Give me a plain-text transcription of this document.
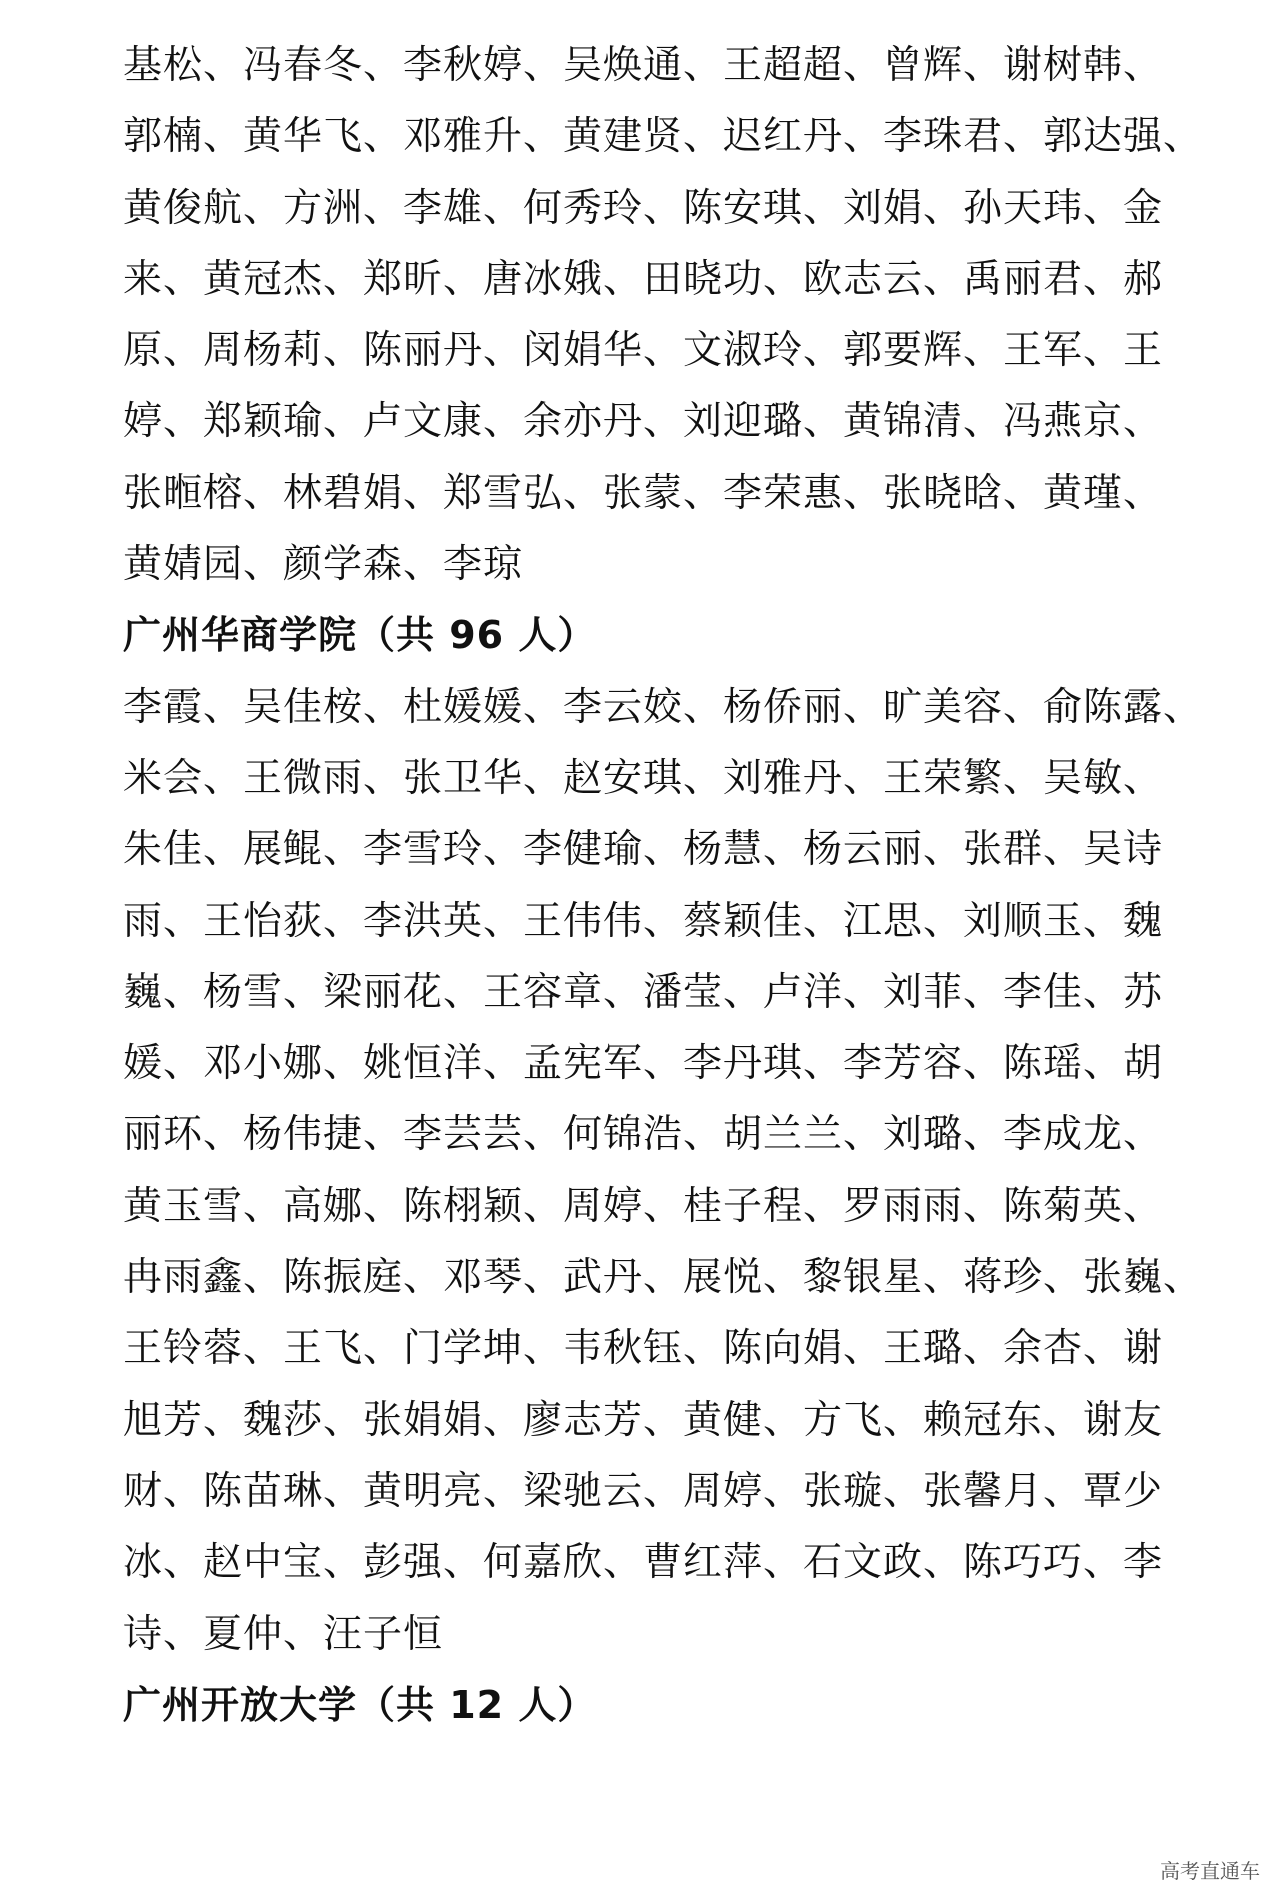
基松、冯春冬、李秋婷、吴焕通、王超超、曾辉、谢树韩、
郭楠、黄华飞、邓雅升、黄建贤、迟红丹、李珠君、郭达强、
黄俊航、方洲、李雄、何秀玲、陈安琪、刘娟、孙天玮、金
来、黄冠杰、郑昕、唐冰娥、田晓功、欧志云、禹丽君、郝
原、周杨莉、陈丽丹、闵娟华、文淑玲、郭要辉、王军、王
婷、郑颖瑜、卢文康、余亦丹、刘迎璐、黄锦清、冯燕京、
张暅榕、林碧娟、郑雪弘、张蒙、李荣惠、张晓晗、黄瑾、
黄婧园、颜学森、李琼
广州华商学院（共 96 人）
李霞、吴佳桉、杜媛媛、李云姣、杨侨丽、旷美容、俞陈露、
米会、王微雨、张卫华、赵安琪、刘雅丹、王荣繁、吴敏、
朱佳、展鲲、李雪玲、李健瑜、杨慧、杨云丽、张群、吴诗
雨、王怡荻、李洪英、王伟伟、蔡颖佳、江思、刘顺玉、魏
巍、杨雪、梁丽花、王容章、潘莹、卢洋、刘菲、李佳、苏
媛、邓小娜、姚恒洋、孟宪军、李丹琪、李芳容、陈瑶、胡
丽环、杨伟捷、李芸芸、何锦浩、胡兰兰、刘璐、李成龙、
黄玉雪、高娜、陈栩颖、周婷、桂子程、罗雨雨、陈菊英、
冉雨鑫、陈振庭、邓琴、武丹、展悦、黎银星、蒋珍、张巍、
王铃蓉、王飞、门学坤、韦秋钰、陈向娟、王璐、余杏、谢
旭芳、魏莎、张娟娟、廖志芳、黄健、方飞、赖冠东、谢友
财、陈苗琳、黄明亮、梁驰云、周婷、张璇、张馨月、覃少
冰、赵中宝、彭强、何嘉欣、曹红萍、石文政、陈巧巧、李
诗、夏仲、汪子恒
广州开放大学（共 12 人）
高考直通车
